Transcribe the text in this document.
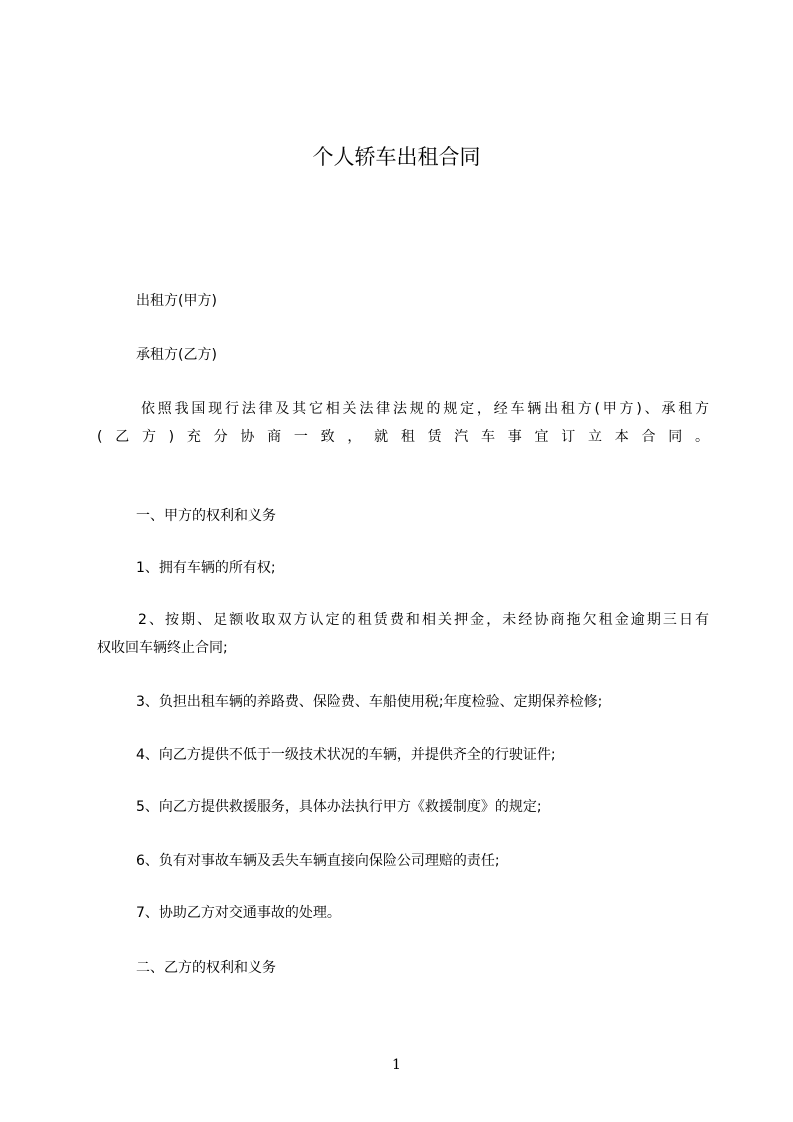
个人轿车出租合同
出租方(甲方)
承租方(乙方)
依照我国现行法律及其它相关法律法规的规定，经车辆出租方(甲方)、承租方
(乙方)充分协商一致，就租赁汽车事宜订立本合同。
一、甲方的权利和义务
1、拥有车辆的所有权;
2、按期、足额收取双方认定的租赁费和相关押金，未经协商拖欠租金逾期三日有
权收回车辆终止合同;
3、负担出租车辆的养路费、保险费、车船使用税;年度检验、定期保养检修;
4、向乙方提供不低于一级技术状况的车辆，并提供齐全的行驶证件;
5、向乙方提供救援服务，具体办法执行甲方《救援制度》的规定;
6、负有对事故车辆及丢失车辆直接向保险公司理赔的责任;
7、协助乙方对交通事故的处理。
二、乙方的权利和义务
1
